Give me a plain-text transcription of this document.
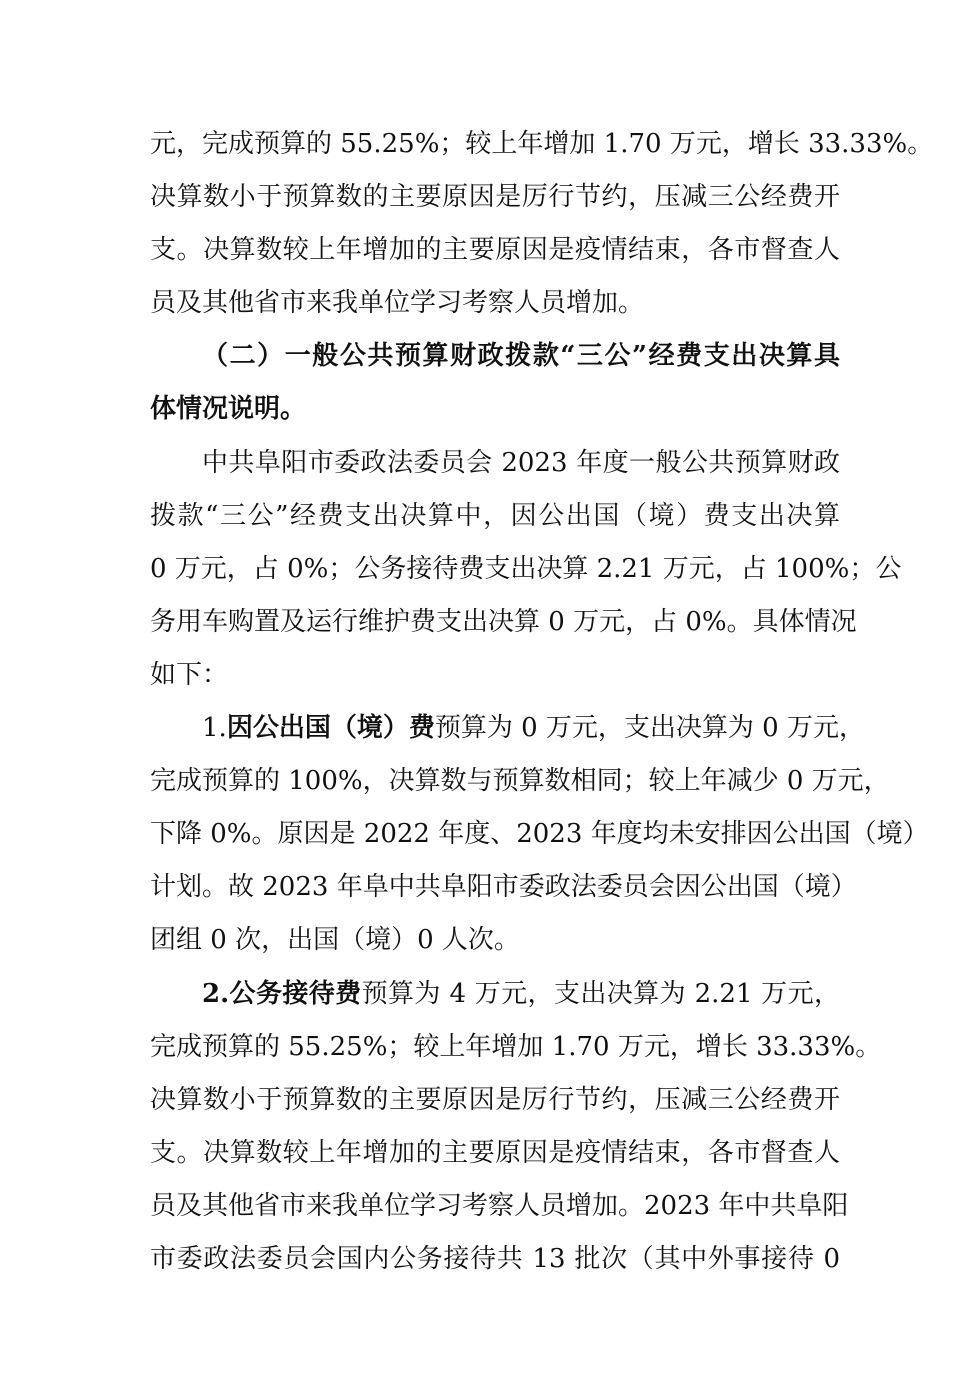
元，完成预算的 55.25%；较上年增加 1.70 万元，增长 33.33%。
决算数小于预算数的主要原因是厉行节约，压减三公经费开
支。决算数较上年增加的主要原因是疫情结束，各市督查人
员及其他省市来我单位学习考察人员增加。
（二）一般公共预算财政拨款“三公”经费支出决算具
体情况说明。
中共阜阳市委政法委员会 2023 年度一般公共预算财政
拨款“三公”经费支出决算中，因公出国（境）费支出决算
0 万元，占 0%；公务接待费支出决算 2.21 万元，占 100%；公
务用车购置及运行维护费支出决算 0 万元，占 0%。具体情况
如下：
1.因公出国（境）费预算为 0 万元，支出决算为 0 万元，
完成预算的 100%，决算数与预算数相同；较上年减少 0 万元，
下降 0%。原因是 2022 年度、2023 年度均未安排因公出国（境）
计划。故 2023 年阜中共阜阳市委政法委员会因公出国（境）
团组 0 次，出国（境）0 人次。
2.公务接待费预算为 4 万元，支出决算为 2.21 万元，
完成预算的 55.25%；较上年增加 1.70 万元，增长 33.33%。
决算数小于预算数的主要原因是厉行节约，压减三公经费开
支。决算数较上年增加的主要原因是疫情结束，各市督查人
员及其他省市来我单位学习考察人员增加。2023 年中共阜阳
市委政法委员会国内公务接待共 13 批次（其中外事接待 0
